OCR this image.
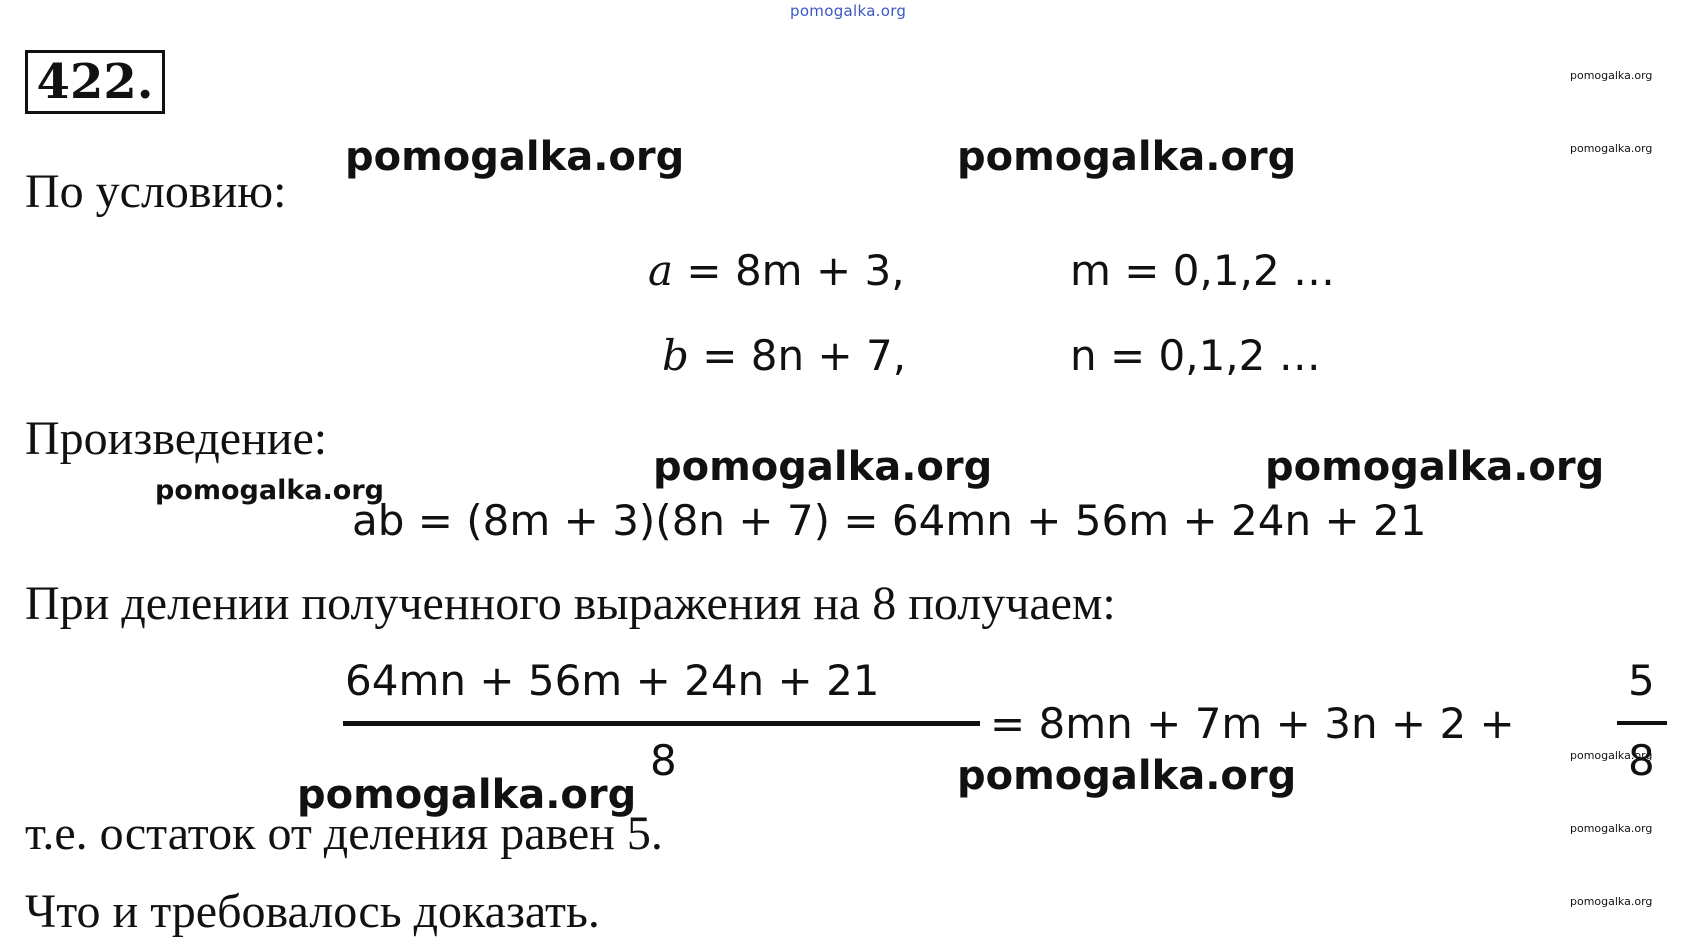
pomogalka.org
422.
По условию:
a = 8m + 3,	m = 0,1,2 …
b = 8n + 7,	n = 0,1,2 …
Произведение:
ab = (8m + 3)(8n + 7) = 64mn + 56m + 24n + 21
При делении полученного выражения на 8 получаем:
64mn + 56m + 24n + 21
8
= 8mn + 7m + 3n + 2 +
5
8
т.е. остаток от деления равен 5.
Что и требовалось доказать.
pomogalka.org	pomogalka.org
pomogalka.org	pomogalka.org
pomogalka.org
pomogalka.org
pomogalka.org
pomogalka.org
pomogalka.org
pomogalka.org
pomogalka.org
pomogalka.org
